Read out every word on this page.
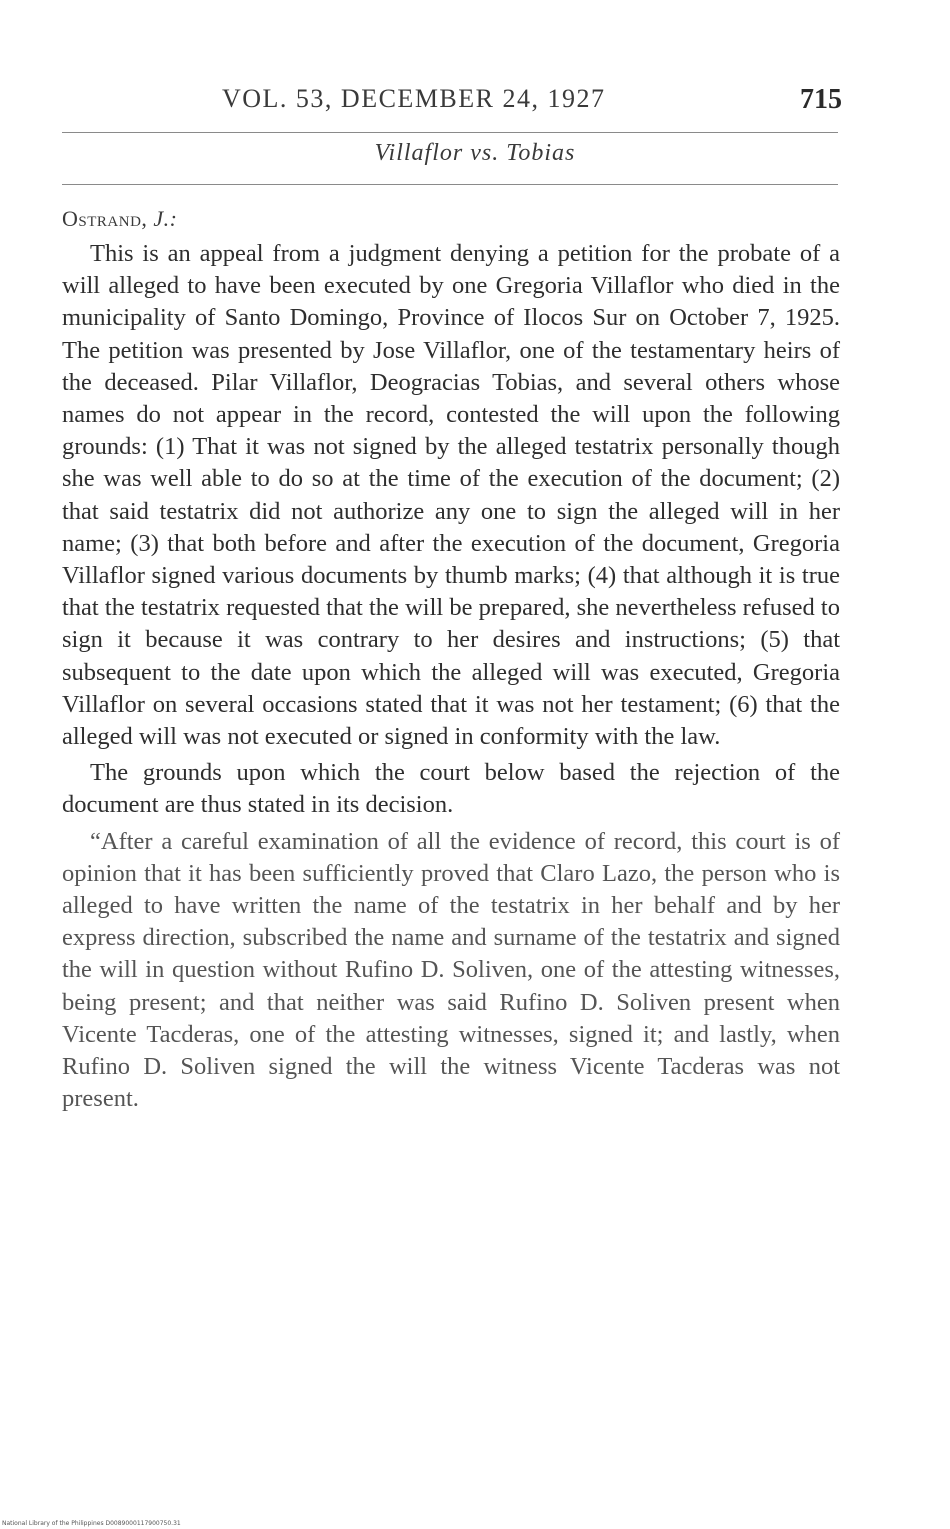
VOL. 53, DECEMBER 24, 1927	715
Villaflor vs. Tobias
Ostrand, J.:

This is an appeal from a judgment denying a petition for the probate of a will alleged to have been executed by one Gregoria Villaflor who died in the municipality of Santo Domingo, Province of Ilocos Sur on October 7, 1925. The petition was presented by Jose Villaflor, one of the testamentary heirs of the deceased. Pilar Villaflor, Deogracias Tobias, and several others whose names do not appear in the record, contested the will upon the following grounds: (1) That it was not signed by the alleged testatrix personally though she was well able to do so at the time of the execution of the document; (2) that said testatrix did not authorize any one to sign the alleged will in her name; (3) that both before and after the execution of the document, Gregoria Villaflor signed various documents by thumb marks; (4) that although it is true that the testatrix requested that the will be prepared, she nevertheless refused to sign it because it was contrary to her desires and instructions; (5) that subsequent to the date upon which the alleged will was executed, Gregoria Villaflor on several occasions stated that it was not her testament; (6) that the alleged will was not executed or signed in conformity with the law.

The grounds upon which the court below based the rejection of the document are thus stated in its decision.

“After a careful examination of all the evidence of record, this court is of opinion that it has been sufficiently proved that Claro Lazo, the person who is alleged to have written the name of the testatrix in her behalf and by her express direction, subscribed the name and surname of the testatrix and signed the will in question without Rufino D. Soliven, one of the attesting witnesses, being present; and that neither was said Rufino D. Soliven present when Vicente Tacderas, one of the attesting witnesses, signed it; and lastly, when Rufino D. Soliven signed the will the witness Vicente Tacderas was not present.

National Library of the Philippines D0089000117900750.31
